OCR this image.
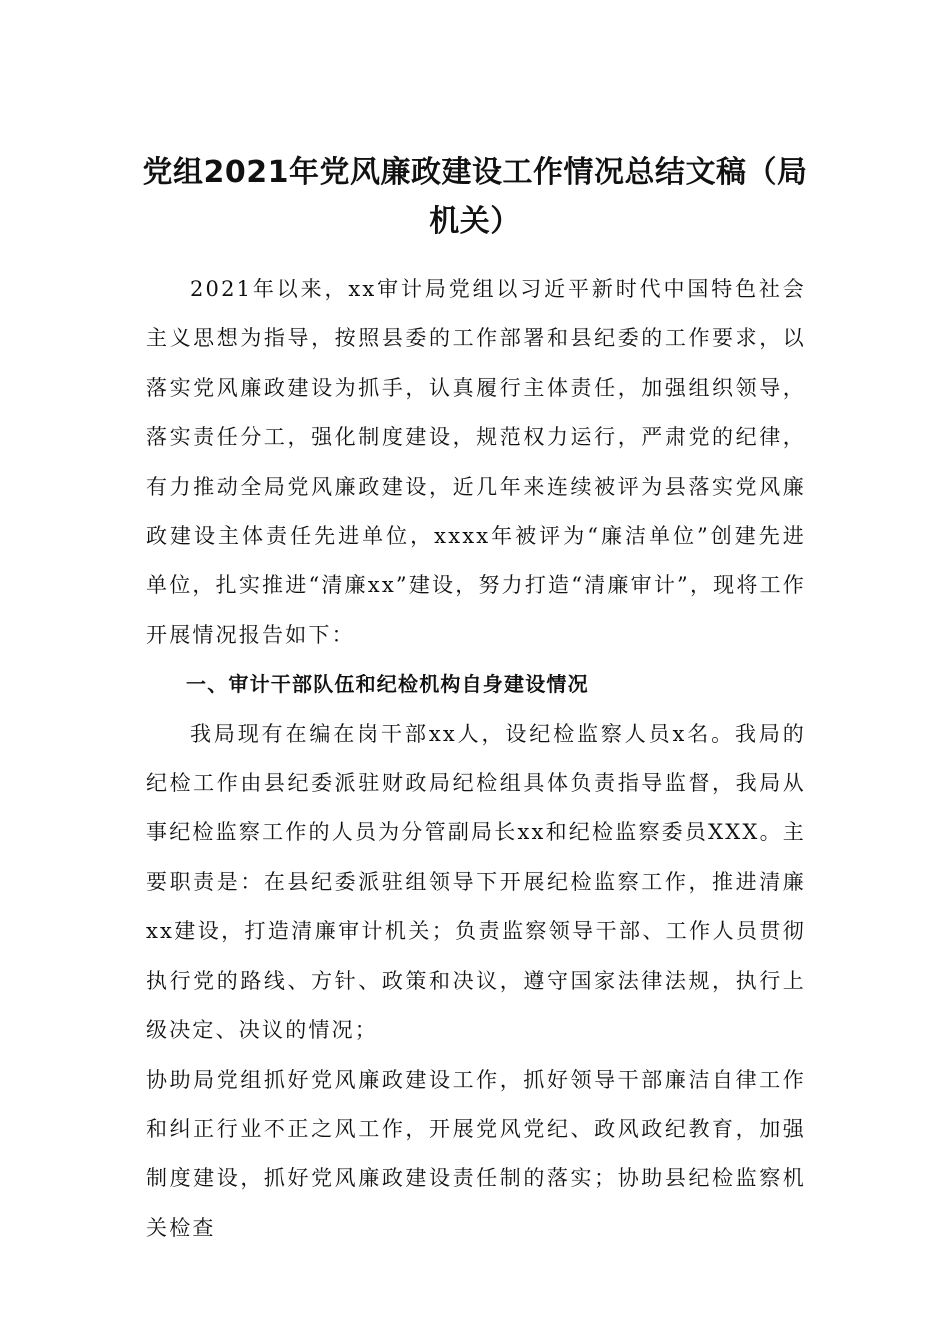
党组2021年党风廉政建设工作情况总结文稿（局机关）

2021年以来，xx审计局党组以习近平新时代中国特色社会主义思想为指导，按照县委的工作部署和县纪委的工作要求，以落实党风廉政建设为抓手，认真履行主体责任，加强组织领导，落实责任分工，强化制度建设，规范权力运行，严肃党的纪律，有力推动全局党风廉政建设，近几年来连续被评为县落实党风廉政建设主体责任先进单位，xxxx年被评为“廉洁单位”创建先进单位，扎实推进“清廉xx”建设，努力打造“清廉审计”，现将工作开展情况报告如下：

一、审计干部队伍和纪检机构自身建设情况

我局现有在编在岗干部xx人，设纪检监察人员x名。我局的纪检工作由县纪委派驻财政局纪检组具体负责指导监督，我局从事纪检监察工作的人员为分管副局长xx和纪检监察委员XXX。主要职责是：在县纪委派驻组领导下开展纪检监察工作，推进清廉xx建设，打造清廉审计机关；负责监察领导干部、工作人员贯彻执行党的路线、方针、政策和决议，遵守国家法律法规，执行上级决定、决议的情况；

协助局党组抓好党风廉政建设工作，抓好领导干部廉洁自律工作和纠正行业不正之风工作，开展党风党纪、政风政纪教育，加强制度建设，抓好党风廉政建设责任制的落实；协助县纪检监察机关检查
